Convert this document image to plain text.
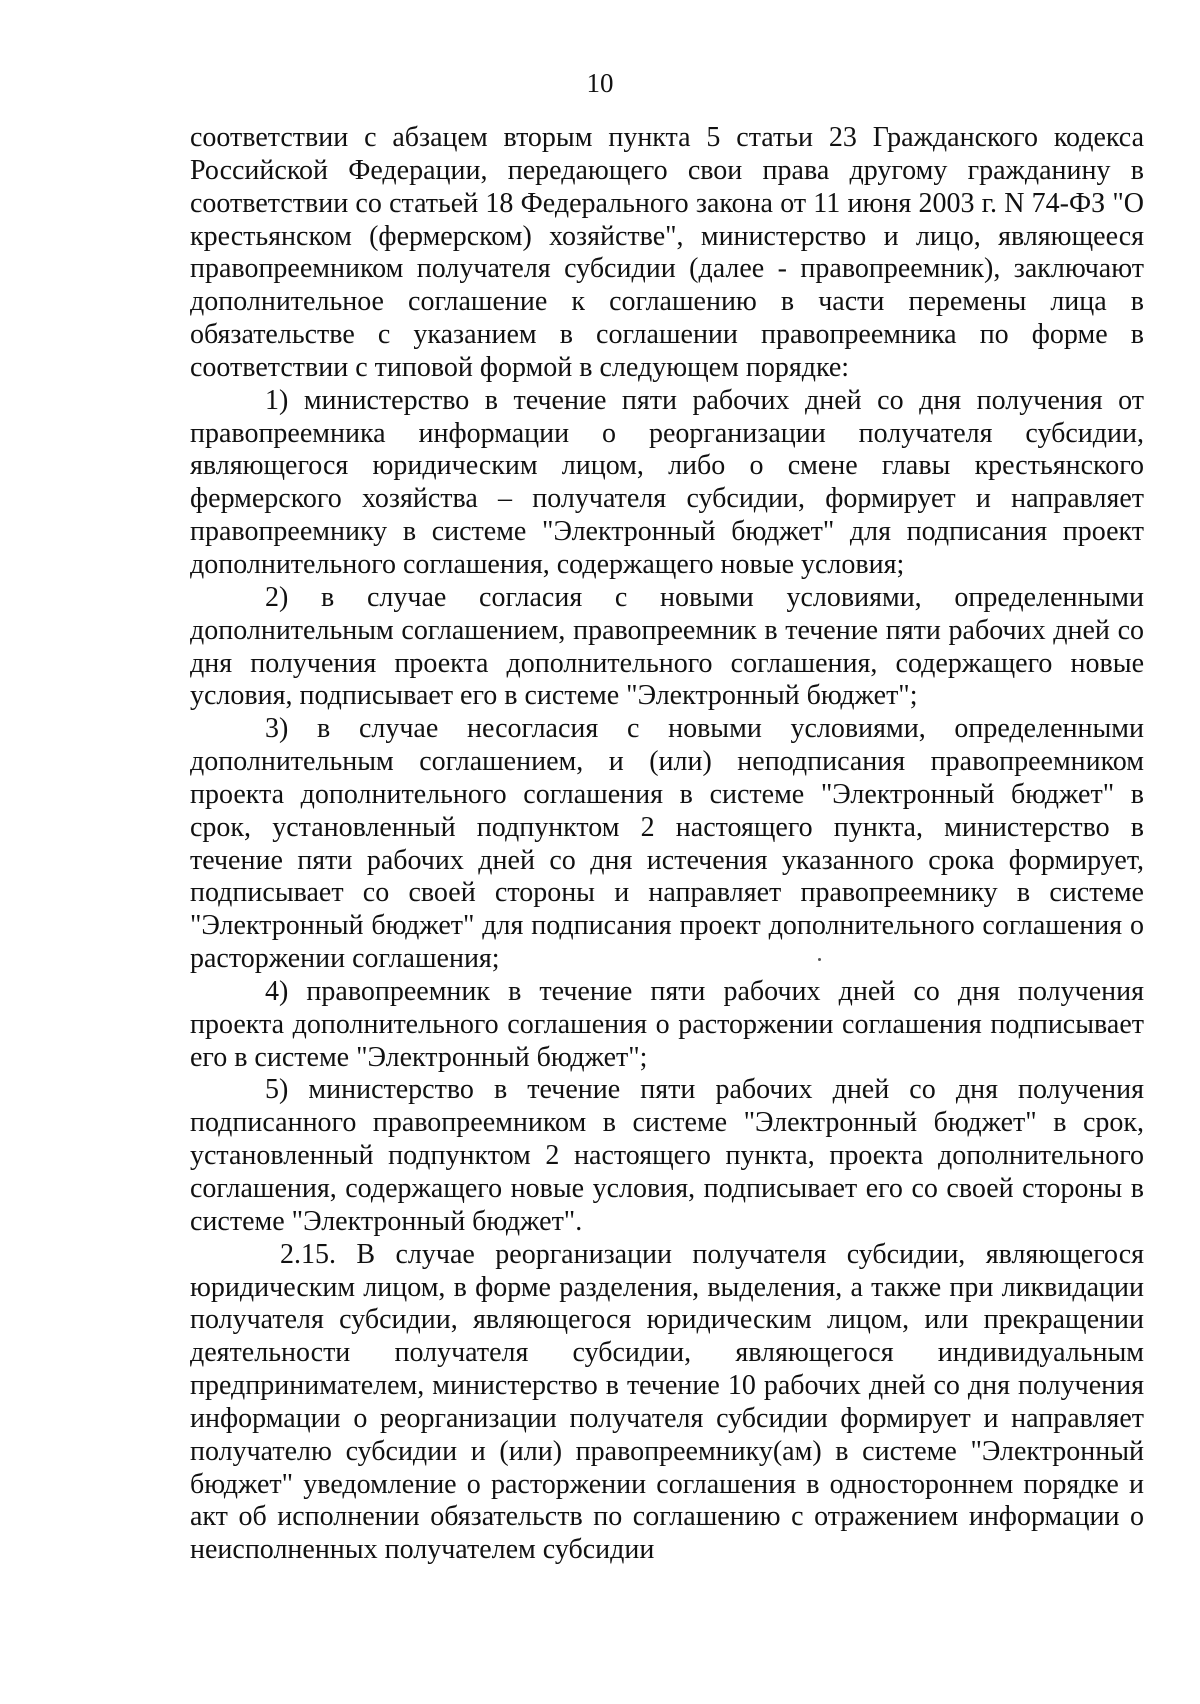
10

соответствии с абзацем вторым пункта 5 статьи 23 Гражданского кодекса Российской Федерации, передающего свои права другому гражданину в соответствии со статьей 18 Федерального закона от 11 июня 2003 г. N 74-ФЗ "О крестьянском (фермерском) хозяйстве", министерство и лицо, являющееся правопреемником получателя субсидии (далее - правопреемник), заключают дополнительное соглашение к соглашению в части перемены лица в обязательстве с указанием в соглашении правопреемника по форме в соответствии с типовой формой в следующем порядке:

1) министерство в течение пяти рабочих дней со дня получения от правопреемника информации о реорганизации получателя субсидии, являющегося юридическим лицом, либо о смене главы крестьянского фермерского хозяйства – получателя субсидии, формирует и направляет правопреемнику в системе "Электронный бюджет" для подписания проект дополнительного соглашения, содержащего новые условия;

2) в случае согласия с новыми условиями, определенными дополнительным соглашением, правопреемник в течение пяти рабочих дней со дня получения проекта дополнительного соглашения, содержащего новые условия, подписывает его в системе "Электронный бюджет";

3) в случае несогласия с новыми условиями, определенными дополнительным соглашением, и (или) неподписания правопреемником проекта дополнительного соглашения в системе "Электронный бюджет" в срок, установленный подпунктом 2 настоящего пункта, министерство в течение пяти рабочих дней со дня истечения указанного срока формирует, подписывает со своей стороны и направляет правопреемнику в системе "Электронный бюджет" для подписания проект дополнительного соглашения о расторжении соглашения;

4) правопреемник в течение пяти рабочих дней со дня получения проекта дополнительного соглашения о расторжении соглашения подписывает его в системе "Электронный бюджет";

5) министерство в течение пяти рабочих дней со дня получения подписанного правопреемником в системе "Электронный бюджет" в срок, установленный подпунктом 2 настоящего пункта, проекта дополнительного соглашения, содержащего новые условия, подписывает его со своей стороны в системе "Электронный бюджет".

2.15. В случае реорганизации получателя субсидии, являющегося юридическим лицом, в форме разделения, выделения, а также при ликвидации получателя субсидии, являющегося юридическим лицом, или прекращении деятельности получателя субсидии, являющегося индивидуальным предпринимателем, министерство в течение 10 рабочих дней со дня получения информации о реорганизации получателя субсидии формирует и направляет получателю субсидии и (или) правопреемнику(ам) в системе "Электронный бюджет" уведомление о расторжении соглашения в одностороннем порядке и акт об исполнении обязательств по соглашению с отражением информации о неисполненных получателем субсидии
